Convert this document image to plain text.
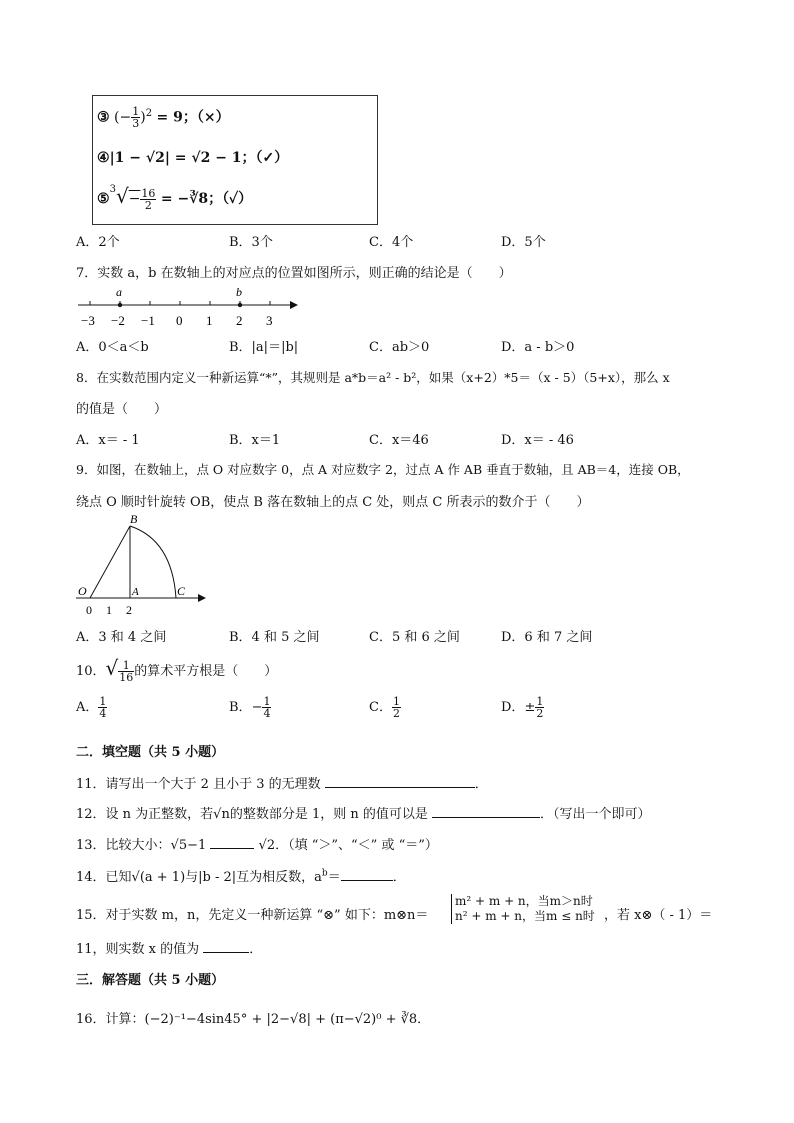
③ (− $\frac{1}{3} )^2 = 9$；（×）
④|1 − √2| = √2 − 1；（✓）
⑤$^3$√− $\frac{16}{2}$ = −∛8；（✓）
A．2个	B．3个	C．4个	D．5个
7．实数 a，b 在数轴上的对应点的位置如图所示，则正确的结论是（　　）
a	b
−3 −2 −1 0 1 2 3
A．0＜a＜b	B．|a|＝|b|	C．ab＞0	D．a - b＞0
8．在实数范围内定义一种新运算“*”，其规则是 a*b＝a² - b²，如果（x+2）*5＝（x - 5）（5+x），那么 x
的值是（　　）
A．x＝ - 1	B．x＝1	C．x＝46	D．x＝ - 46
9．如图，在数轴上，点 O 对应数字 0，点 A 对应数字 2，过点 A 作 AB 垂直于数轴，且 AB＝4，连接 OB，
绕点 O 顺时针旋转 OB，使点 B 落在数轴上的点 C 处，则点 C 所表示的数介于（　　）
B
O	A	C
0 1 2
A．3 和 4 之间	B．4 和 5 之间	C．5 和 6 之间	D．6 和 7 之间
10．√ $\frac{1}{16}$ 的算术平方根是（　　）
A． $\frac{1}{4}$	B．− $\frac{1}{4}$	C． $\frac{1}{2}$	D．± $\frac{1}{2}$
二．填空题（共 5 小题）
11．请写出一个大于 2 且小于 3 的无理数	．
12．设 n 为正整数，若√n的整数部分是 1，则 n 的值可以是	．（写出一个即可）
13．比较大小：√5−1	√2．（填 “＞”、“＜” 或 “＝”）
14．已知√(a + 1)与|b - 2|互为相反数，$a^b=$	．
15．对于实数 m，n，先定义一种新运算 “⊗” 如下：m⊗n＝
m² + m + n，当m＞n时
n² + m + n，当m ≤ n时 ，若 x⊗（ - 1）＝
11，则实数 x 的值为	．
三．解答题（共 5 小题）
16．计算：(−2)⁻¹−4sin45° + |2−√8| + (π−√2)⁰ + ∛8．
